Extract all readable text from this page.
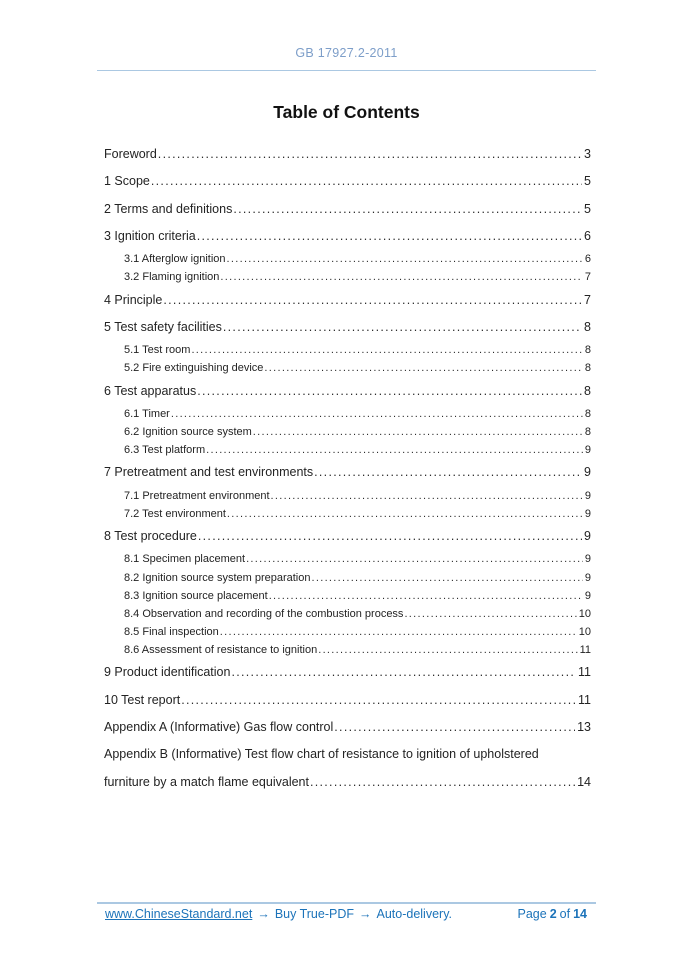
GB 17927.2-2011
Table of Contents
Foreword .....	3
1 Scope .....	5
2 Terms and definitions .....	5
3 Ignition criteria .....	6
3.1 Afterglow ignition .....	6
3.2 Flaming ignition .....	7
4 Principle .....	7
5 Test safety facilities .....	8
5.1 Test room .....	8
5.2 Fire extinguishing device .....	8
6 Test apparatus .....	8
6.1 Timer .....	8
6.2 Ignition source system .....	8
6.3 Test platform .....	9
7 Pretreatment and test environments .....	9
7.1 Pretreatment environment .....	9
7.2 Test environment .....	9
8 Test procedure .....	9
8.1 Specimen placement .....	9
8.2 Ignition source system preparation .....	9
8.3 Ignition source placement .....	9
8.4 Observation and recording of the combustion process .....	10
8.5 Final inspection .....	10
8.6 Assessment of resistance to ignition .....	11
9 Product identification .....	11
10 Test report .....	11
Appendix A (Informative) Gas flow control .....	13
Appendix B (Informative) Test flow chart of resistance to ignition of upholstered
furniture by a match flame equivalent .....	14
www.ChineseStandard.net → Buy True-PDF → Auto-delivery.	Page 2 of 14
